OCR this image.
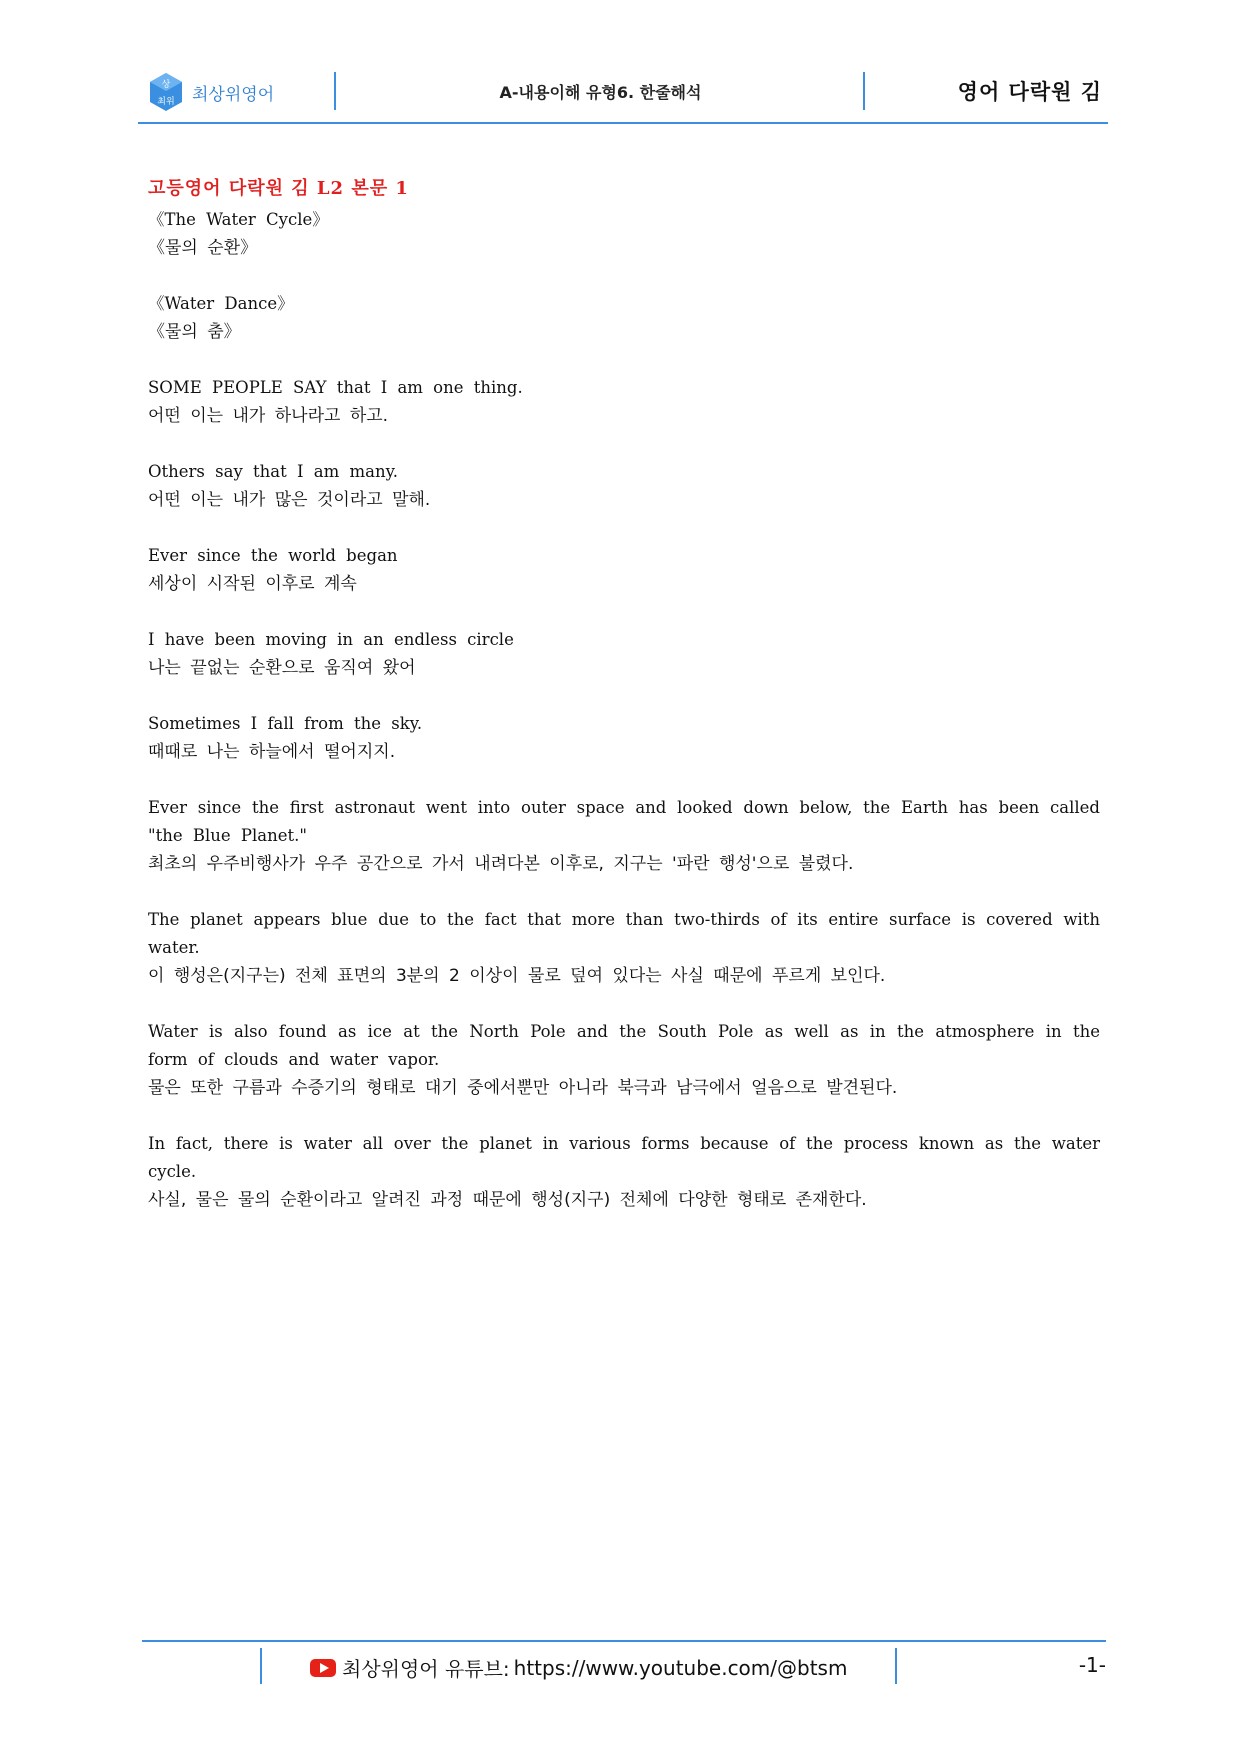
상
최위 최상위영어	A-내용이해 유형6. 한줄해석	영어 다락원 김
고등영어 다락원 김 L2 본문 1
《The Water Cycle》
《물의 순환》
《Water Dance》
《물의 춤》
SOME PEOPLE SAY that I am one thing.
어떤 이는 내가 하나라고 하고.
Others say that I am many.
어떤 이는 내가 많은 것이라고 말해.
Ever since the world began
세상이 시작된 이후로 계속
I have been moving in an endless circle
나는 끝없는 순환으로 움직여 왔어
Sometimes I fall from the sky.
때때로 나는 하늘에서 떨어지지.
Ever since the first astronaut went into outer space and looked down below, the Earth has been called "the Blue Planet."
최초의 우주비행사가 우주 공간으로 가서 내려다본 이후로, 지구는 '파란 행성'으로 불렸다.
The planet appears blue due to the fact that more than two-thirds of its entire surface is covered with water.
이 행성은(지구는) 전체 표면의 3분의 2 이상이 물로 덮여 있다는 사실 때문에 푸르게 보인다.
Water is also found as ice at the North Pole and the South Pole as well as in the atmosphere in the form of clouds and water vapor.
물은 또한 구름과 수증기의 형태로 대기 중에서뿐만 아니라 북극과 남극에서 얼음으로 발견된다.
In fact, there is water all over the planet in various forms because of the process known as the water cycle.
사실, 물은 물의 순환이라고 알려진 과정 때문에 행성(지구) 전체에 다양한 형태로 존재한다.
최상위영어 유튜브: https://www.youtube.com/@btsm	-1-
